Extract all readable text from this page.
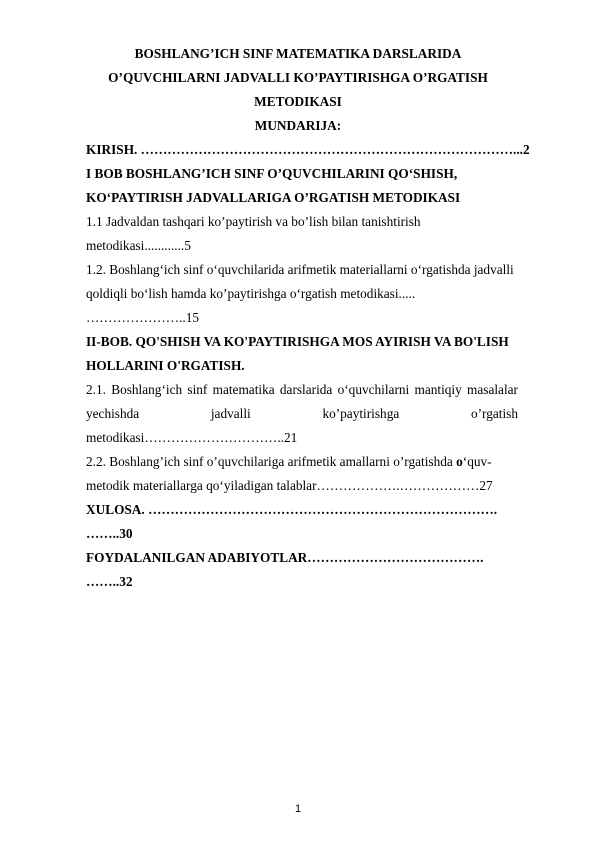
BOSHLANG’ICH SINF MATEMATIKA DARSLARIDA
O’QUVCHILARNI JADVALLI KO’PAYTIRISHGA O’RGATISH
METODIKASI
MUNDARIJA:
KIRISH. …………………………………………………………………………...2
I BOB BOSHLANG’ICH SINF O’QUVCHILARINI QO‘SHISH,
KO‘PAYTIRISH JADVALLARIGA O’RGATISH METODIKASI
1.1 Jadvaldan tashqari ko’paytirish va bo’lish bilan tanishtirish
metodikasi............5
1.2. Boshlang‘ich sinf o‘quvchilarida arifmetik materiallarni o‘rgatishda jadvalli
qoldiqli bo‘lish hamda ko’paytirishga o‘rgatish metodikasi.....
…………………..15
II-BOB. QO'SHISH VA KO'PAYTIRISHGA MOS AYIRISH VA BO'LISH
HOLLARINI O'RGATISH.
2.1. Boshlang‘ich sinf matematika darslarida o‘quvchilarni mantiqiy masalalar
yechishda	jadvalli	ko’paytirishga	o’rgatish
metodikasi…………………………..21
2.2. Boshlang’ich sinf o’quvchilariga arifmetik amallarni o’rgatishda o‘quv-
metodik materiallarga qo‘yiladigan talablar……………….………………27
XULOSA. …………………………………………………………………….
……..30
FOYDALANILGAN ADABIYOTLAR………………………………….
……..32
1
